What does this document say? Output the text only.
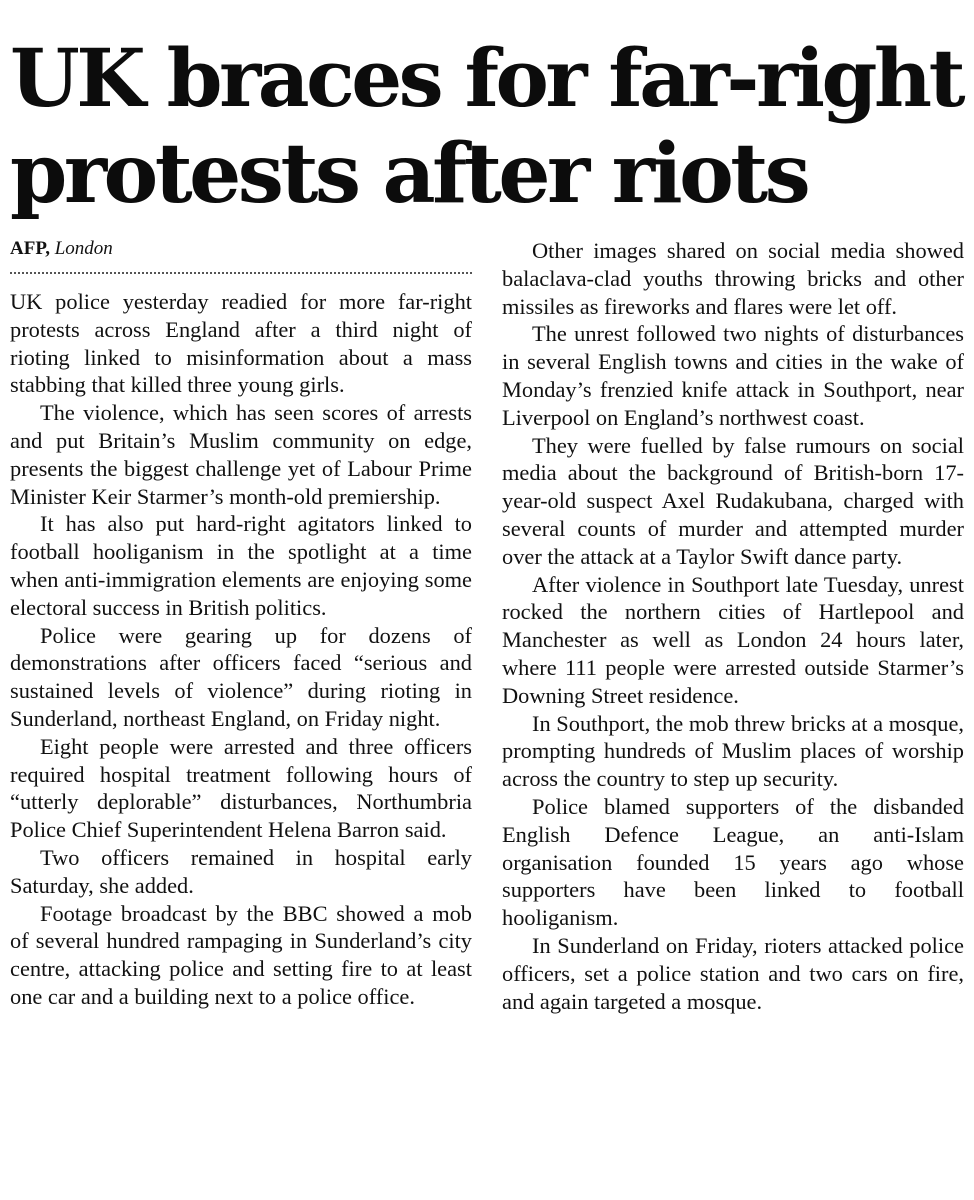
UK braces for far-right
protests after riots
AFP, London

UK police yesterday readied for more far-right protests across England after a third night of rioting linked to misinformation about a mass stabbing that killed three young girls.

The violence, which has seen scores of arrests and put Britain’s Muslim community on edge, presents the biggest challenge yet of Labour Prime Minister Keir Starmer’s month-old premiership.

It has also put hard-right agitators linked to football hooliganism in the spotlight at a time when anti-immigration elements are enjoying some electoral success in British politics.

Police were gearing up for dozens of demonstrations after officers faced “serious and sustained levels of violence” during rioting in Sunderland, northeast England, on Friday night.

Eight people were arrested and three officers required hospital treatment following hours of “utterly deplorable” disturbances, Northumbria Police Chief Superintendent Helena Barron said.

Two officers remained in hospital early Saturday, she added.

Footage broadcast by the BBC showed a mob of several hundred rampaging in Sunderland’s city centre, attacking police and setting fire to at least one car and a building next to a police office.

Other images shared on social media showed balaclava-clad youths throwing bricks and other missiles as fireworks and flares were let off.

The unrest followed two nights of disturbances in several English towns and cities in the wake of Monday’s frenzied knife attack in Southport, near Liverpool on England’s northwest coast.

They were fuelled by false rumours on social media about the background of British-born 17-year-old suspect Axel Rudakubana, charged with several counts of murder and attempted murder over the attack at a Taylor Swift dance party.

After violence in Southport late Tuesday, unrest rocked the northern cities of Hartlepool and Manchester as well as London 24 hours later, where 111 people were arrested outside Starmer’s Downing Street residence.

In Southport, the mob threw bricks at a mosque, prompting hundreds of Muslim places of worship across the country to step up security.

Police blamed supporters of the disbanded English Defence League, an anti-Islam organisation founded 15 years ago whose supporters have been linked to football hooliganism.

In Sunderland on Friday, rioters attacked police officers, set a police station and two cars on fire, and again targeted a mosque.
